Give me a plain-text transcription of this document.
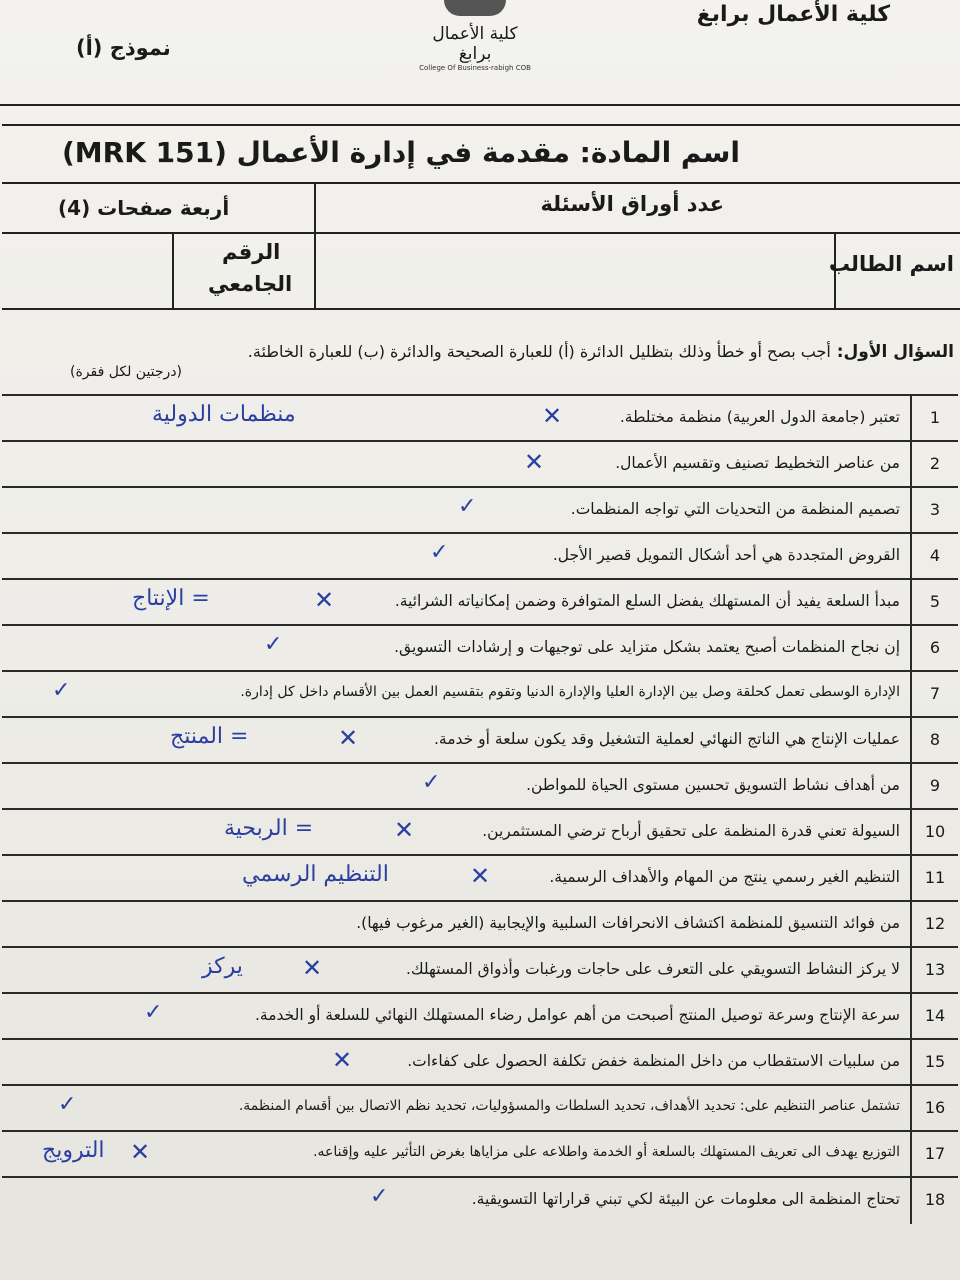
كلية الأعمال برابغ
نموذج (أ)
كلية الأعمال برابغ
College Of Business-rabigh COB
اسم المادة: مقدمة في إدارة الأعمال (MRK 151)
عدد أوراق الأسئلة
أربعة صفحات (4)
اسم الطالب
الرقم
الجامعي
السؤال الأول: أجب بصح أو خطأ وذلك بتظليل الدائرة (أ) للعبارة الصحيحة والدائرة (ب) للعبارة الخاطئة.
(درجتين لكل فقرة)
1
تعتبر (جامعة الدول العربية) منظمة مختلطة.
✕
منظمات الدولية
2
من عناصر التخطيط تصنيف وتقسيم الأعمال.
✕
3
تصميم المنظمة من التحديات التي تواجه المنظمات.
✓
4
القروض المتجددة هي أحد أشكال التمويل قصير الأجل.
✓
5
مبدأ السلعة يفيد أن المستهلك يفضل السلع المتوافرة وضمن إمكانياته الشرائية.
✕
= الإنتاج
6
إن نجاح المنظمات أصبح يعتمد بشكل متزايد على توجيهات و إرشادات التسويق.
✓
7
الإدارة الوسطى تعمل كحلقة وصل بين الإدارة العليا والإدارة الدنيا وتقوم بتقسيم العمل بين الأقسام داخل كل إدارة.
✓
8
عمليات الإنتاج هي الناتج النهائي لعملية التشغيل وقد يكون سلعة أو خدمة.
✕
= المنتج
9
من أهداف نشاط التسويق تحسين مستوى الحياة للمواطن.
✓
10
السيولة تعني قدرة المنظمة على تحقيق أرباح ترضي المستثمرين.
✕
= الربحية
11
التنظيم الغير رسمي ينتج من المهام والأهداف الرسمية.
✕
التنظيم الرسمي
12
من فوائد التنسيق للمنظمة اكتشاف الانحرافات السلبية والإيجابية (الغير مرغوب فيها).
13
لا يركز النشاط التسويقي على التعرف على حاجات ورغبات وأذواق المستهلك.
✕
يركز
14
سرعة الإنتاج وسرعة توصيل المنتج أصبحت من أهم عوامل رضاء المستهلك النهائي للسلعة أو الخدمة.
✓
15
من سلبيات الاستقطاب من داخل المنظمة خفض تكلفة الحصول على كفاءات.
✕
16
تشتمل عناصر التنظيم على: تحديد الأهداف، تحديد السلطات والمسؤوليات، تحديد نظم الاتصال بين أقسام المنظمة.
✓
17
التوزيع يهدف الى تعريف المستهلك بالسلعة أو الخدمة واطلاعه على مزاياها بغرض التأثير عليه وإقناعه.
✕
الترويج
18
تحتاج المنظمة الى معلومات عن البيئة لكي تبني قراراتها التسويقية.
✓
